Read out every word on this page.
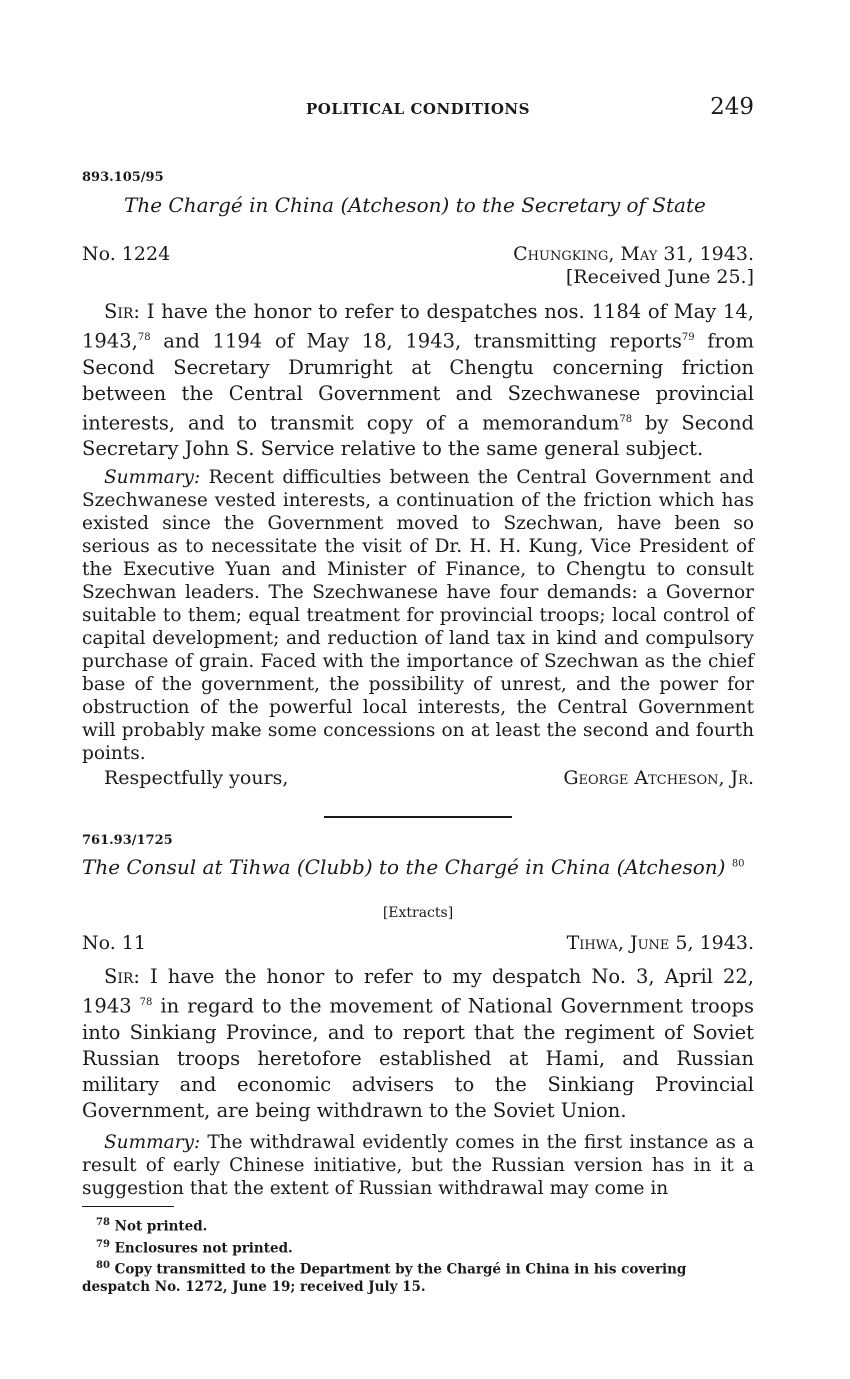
POLITICAL CONDITIONS	249
893.105/95
The Chargé in China (Atcheson) to the Secretary of State
No. 1224	Chungking, May 31, 1943.
[Received June 25.]

Sir: I have the honor to refer to despatches nos. 1184 of May 14, 1943,78 and 1194 of May 18, 1943, transmitting reports$^{79}$ from Second Secretary Drumright at Chengtu concerning friction between the Central Government and Szechwanese provincial interests, and to transmit copy of a memorandum$^{78}$ by Second Secretary John S. Service relative to the same general subject.

Summary: Recent difficulties between the Central Government and Szechwanese vested interests, a continuation of the friction which has existed since the Government moved to Szechwan, have been so serious as to necessitate the visit of Dr. H. H. Kung, Vice President of the Executive Yuan and Minister of Finance, to Chengtu to consult Szechwan leaders. The Szechwanese have four demands: a Governor suitable to them; equal treatment for provincial troops; local control of capital development; and reduction of land tax in kind and compulsory purchase of grain. Faced with the importance of Szechwan as the chief base of the government, the possibility of unrest, and the power for obstruction of the powerful local interests, the Central Government will probably make some concessions on at least the second and fourth points.

Respectfully yours,	George Atcheson, Jr.
761.93/1725
The Consul at Tihwa (Clubb) to the Chargé in China (Atcheson) $^{80}$
[Extracts]
No. 11	Tihwa, June 5, 1943.

Sir: I have the honor to refer to my despatch No. 3, April 22, 1943 $^{78}$ in regard to the movement of National Government troops into Sinkiang Province, and to report that the regiment of Soviet Russian troops heretofore established at Hami, and Russian military and economic advisers to the Sinkiang Provincial Government, are being withdrawn to the Soviet Union.

Summary: The withdrawal evidently comes in the first instance as a result of early Chinese initiative, but the Russian version has in it a suggestion that the extent of Russian withdrawal may come in

$^{78}$ Not printed.

$^{79}$ Enclosures not printed.

$^{80}$ Copy transmitted to the Department by the Chargé in China in his covering despatch No. 1272, June 19; received July 15.
